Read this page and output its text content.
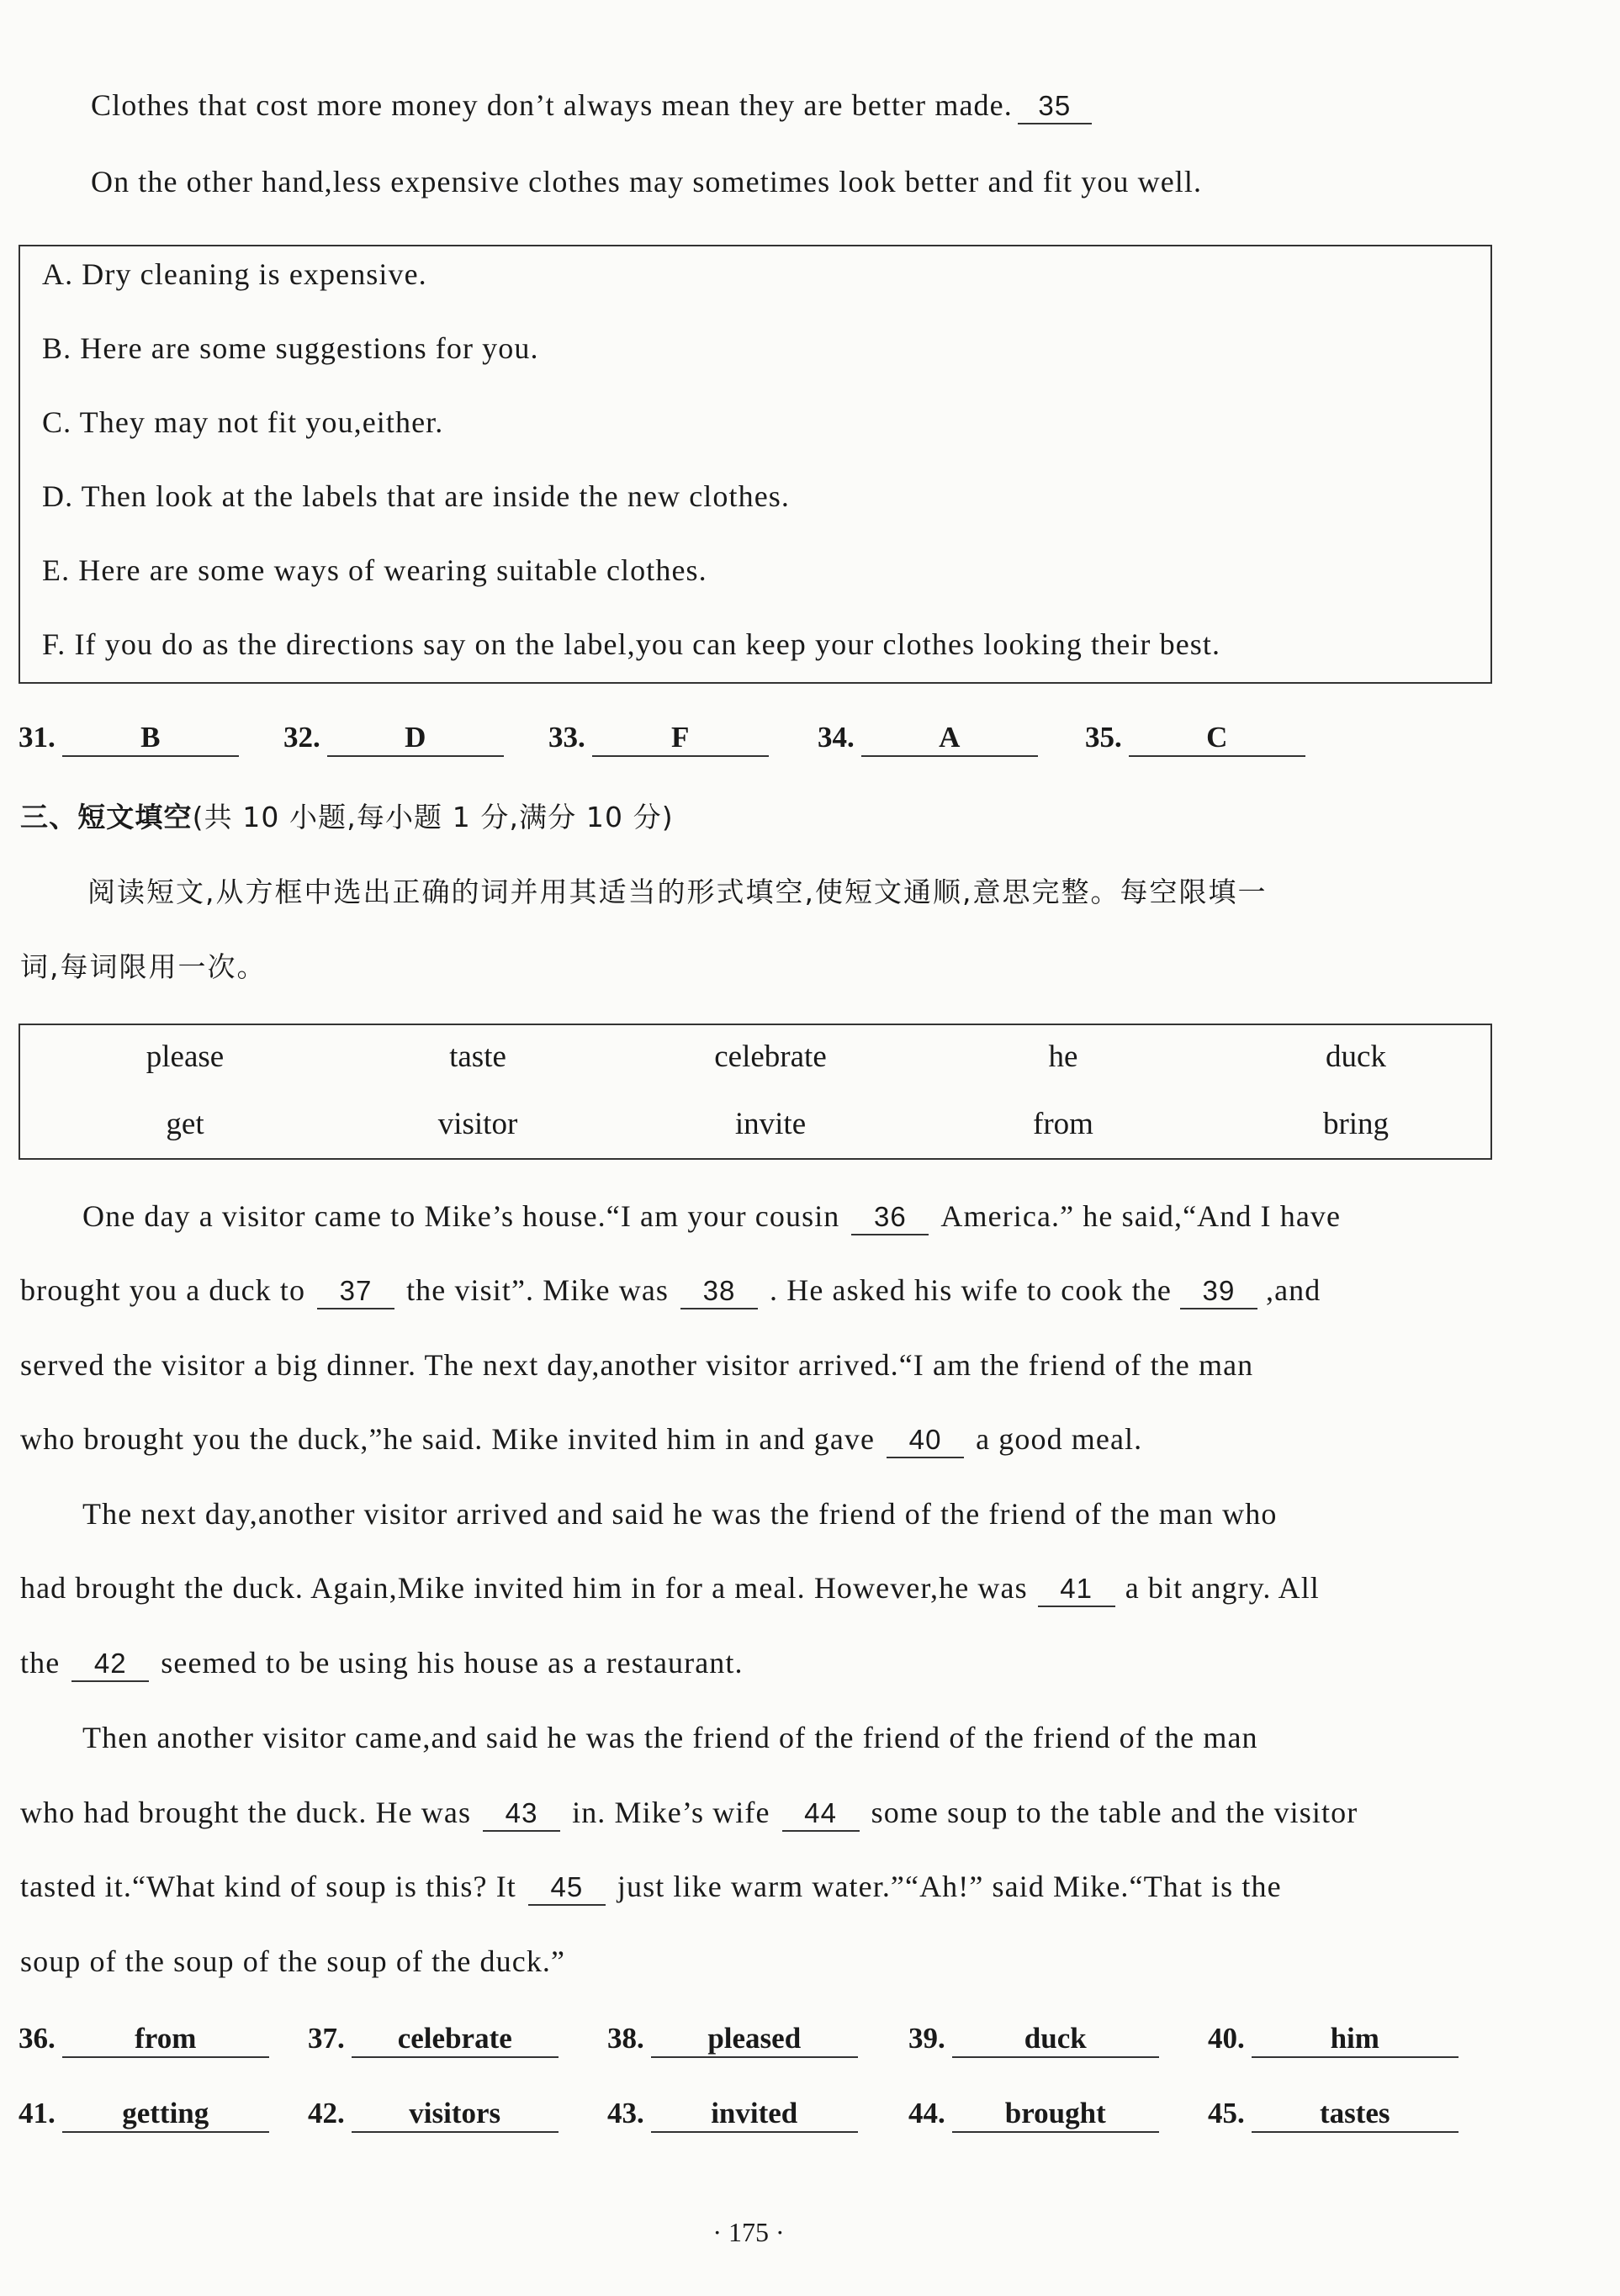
Clothes that cost more money don’t always mean they are better made. 35
On the other hand,less expensive clothes may sometimes look better and fit you well.
A. Dry cleaning is expensive.
B. Here are some suggestions for you.
C. They may not fit you,either.
D. Then look at the labels that are inside the new clothes.
E. Here are some ways of wearing suitable clothes.
F. If you do as the directions say on the label,you can keep your clothes looking their best.
31.	B	32.	D	33.	F	34.	A	35.	C
三、短文填空(共 10 小题,每小题 1 分,满分 10 分)
阅读短文,从方框中选出正确的词并用其适当的形式填空,使短文通顺,意思完整。每空限填一
词,每词限用一次。
please	taste	celebrate	he	duck
get	visitor	invite	from	bring
One day a visitor came to Mike’s house.“I am your cousin 36 America.” he said,“And I have
brought you a duck to 37 the visit”. Mike was 38 . He asked his wife to cook the 39 ,and
served the visitor a big dinner. The next day,another visitor arrived.“I am the friend of the man
who brought you the duck,”he said. Mike invited him in and gave 40 a good meal.
The next day,another visitor arrived and said he was the friend of the friend of the man who
had brought the duck. Again,Mike invited him in for a meal. However,he was 41 a bit angry. All
the 42 seemed to be using his house as a restaurant.
Then another visitor came,and said he was the friend of the friend of the friend of the man
who had brought the duck. He was 43 in. Mike’s wife 44 some soup to the table and the visitor
tasted it.“What kind of soup is this? It 45 just like warm water.”“Ah!” said Mike.“That is the
soup of the soup of the soup of the duck.”
36.	from	37. celebrate	38. pleased	39.	duck	40.	him
41. getting	42. visitors	43. invited	44. brought	45.	tastes
· 175 ·
